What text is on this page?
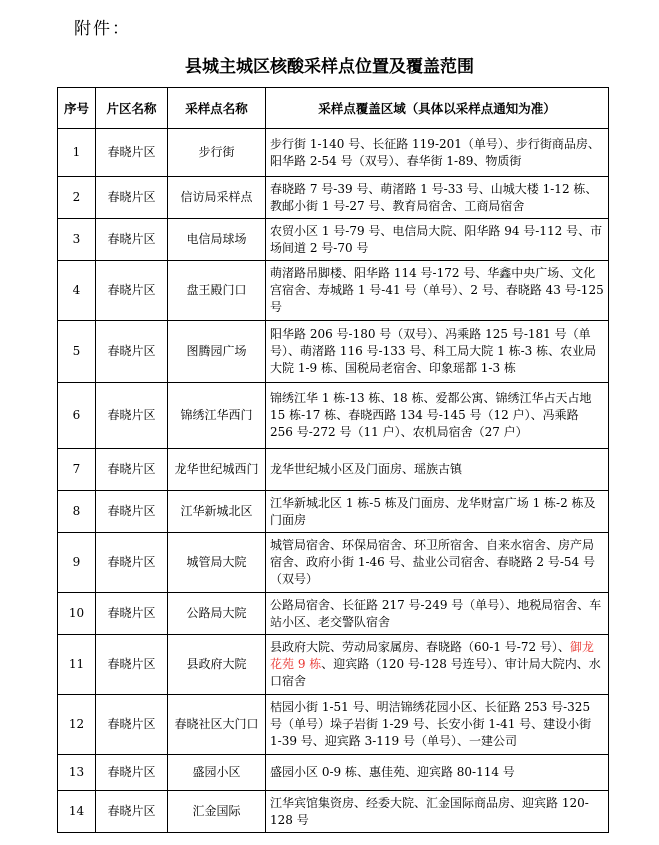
附件：
县城主城区核酸采样点位置及覆盖范围
序号	片区名称	采样点名称	采样点覆盖区域（具体以采样点通知为准）
1	春晓片区	步行街	步行街 1-140 号、长征路 119-201（单号）、步行街商品房、阳华路 2-54 号（双号）、春华街 1-89、物质街
2	春晓片区	信访局采样点	春晓路 7 号-39 号、萌渚路 1 号-33 号、山城大楼 1-12 栋、教邮小街 1 号-27 号、教育局宿舍、工商局宿舍
3	春晓片区	电信局球场	农贸小区 1 号-79 号、电信局大院、阳华路 94 号-112 号、市场间道 2 号-70 号
4	春晓片区	盘王殿门口	萌渚路吊脚楼、阳华路 114 号-172 号、华鑫中央广场、文化宫宿舍、寿城路 1 号-41 号（单号）、2 号、春晓路 43 号-125 号
5	春晓片区	图腾园广场	阳华路 206 号-180 号（双号）、冯乘路 125 号-181 号（单号）、萌渚路 116 号-133 号、科工局大院 1 栋-3 栋、农业局大院 1-9 栋、国税局老宿舍、印象瑶都 1-3 栋
6	春晓片区	锦绣江华西门	锦绣江华 1 栋-13 栋、18 栋、爱都公寓、锦绣江华占天占地 15 栋-17 栋、春晓西路 134 号-145 号（12 户）、冯乘路 256 号-272 号（11 户）、农机局宿舍（27 户）
7	春晓片区	龙华世纪城西门	龙华世纪城小区及门面房、瑶族古镇
8	春晓片区	江华新城北区	江华新城北区 1 栋-5 栋及门面房、龙华财富广场 1 栋-2 栋及门面房
9	春晓片区	城管局大院	城管局宿舍、环保局宿舍、环卫所宿舍、自来水宿舍、房产局宿舍、政府小街 1-46 号、盐业公司宿舍、春晓路 2 号-54 号（双号）
10	春晓片区	公路局大院	公路局宿舍、长征路 217 号-249 号（单号）、地税局宿舍、车站小区、老交警队宿舍
11	春晓片区	县政府大院	县政府大院、劳动局家属房、春晓路（60-1 号-72 号）、御龙花苑 9 栋、迎宾路（120 号-128 号连号）、审计局大院内、水口宿舍
12	春晓片区	春晓社区大门口	桔园小街 1-51 号、明洁锦绣花园小区、长征路 253 号-325 号（单号）垛子岩街 1-29 号、长安小街 1-41 号、建设小街 1-39 号、迎宾路 3-119 号（单号）、一建公司
13	春晓片区	盛园小区	盛园小区 0-9 栋、惠佳苑、迎宾路 80-114 号
14	春晓片区	汇金国际	江华宾馆集资房、经委大院、汇金国际商品房、迎宾路 120-128 号
